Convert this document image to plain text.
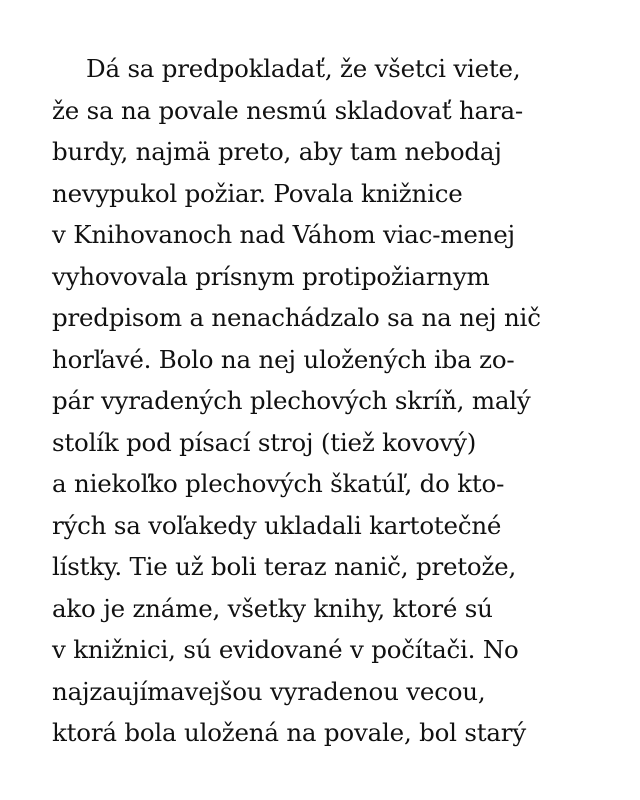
Dá sa predpokladať, že všetci viete,
že sa na povale nesmú skladovať hara-
burdy, najmä preto, aby tam nebodaj
nevypukol požiar. Povala knižnice
v Knihovanoch nad Váhom viac-menej
vyhovovala prísnym protipožiarnym
predpisom a nenachádzalo sa na nej nič
horľavé. Bolo na nej uložených iba zo-
pár vyradených plechových skríň, malý
stolík pod písací stroj (tiež kovový)
a niekoľko plechových škatúľ, do kto-
rých sa voľakedy ukladali kartotečné
lístky. Tie už boli teraz nanič, pretože,
ako je známe, všetky knihy, ktoré sú
v knižnici, sú evidované v počítači. No
najzaujímavejšou vyradenou vecou,
ktorá bola uložená na povale, bol starý
